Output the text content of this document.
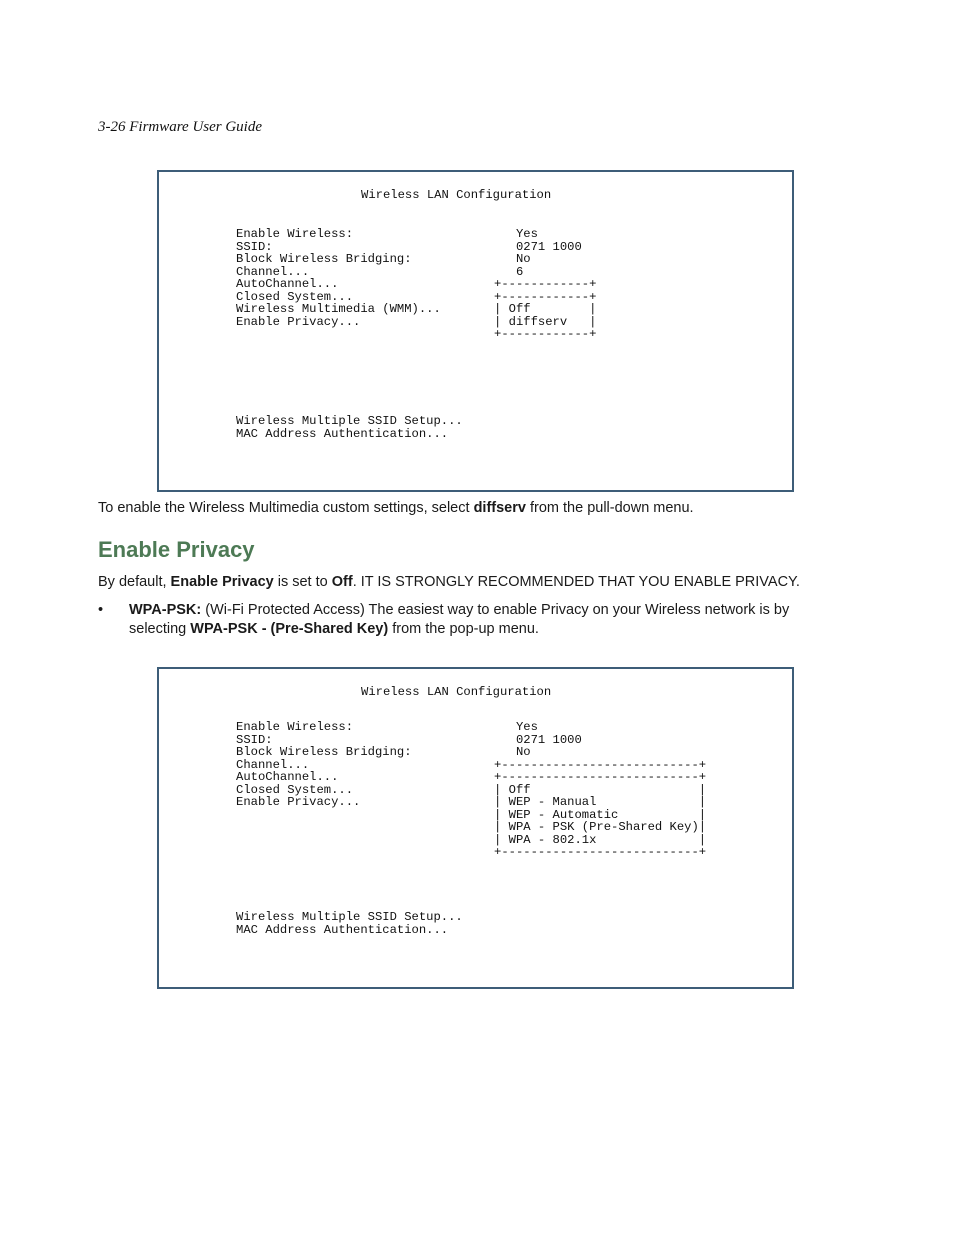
3-26 Firmware User Guide
Wireless LAN Configuration
Enable Wireless:
SSID:
Block Wireless Bridging:
Channel...
AutoChannel...
Closed System...
Wireless Multimedia (WMM)...
Enable Privacy...
Yes
0271 1000
No
6
+------------+
+------------+
| Off        |
| diffserv   |
+------------+
Wireless Multiple SSID Setup...
MAC Address Authentication...

To enable the Wireless Multimedia custom settings, select diffserv from the pull-down menu.

Enable Privacy

By default, Enable Privacy is set to Off. IT IS STRONGLY RECOMMENDED THAT YOU ENABLE PRIVACY.

• WPA-PSK: (Wi-Fi Protected Access) The easiest way to enable Privacy on your Wireless network is by selecting WPA-PSK - (Pre-Shared Key) from the pop-up menu.
Wireless LAN Configuration
Enable Wireless:
SSID:
Block Wireless Bridging:
Channel...
AutoChannel...
Closed System...
Enable Privacy...
Yes
0271 1000
No
+---------------------------+
+---------------------------+
| Off                       |
| WEP - Manual              |
| WEP - Automatic           |
| WPA - PSK (Pre-Shared Key)|
| WPA - 802.1x              |
+---------------------------+
Wireless Multiple SSID Setup...
MAC Address Authentication...
